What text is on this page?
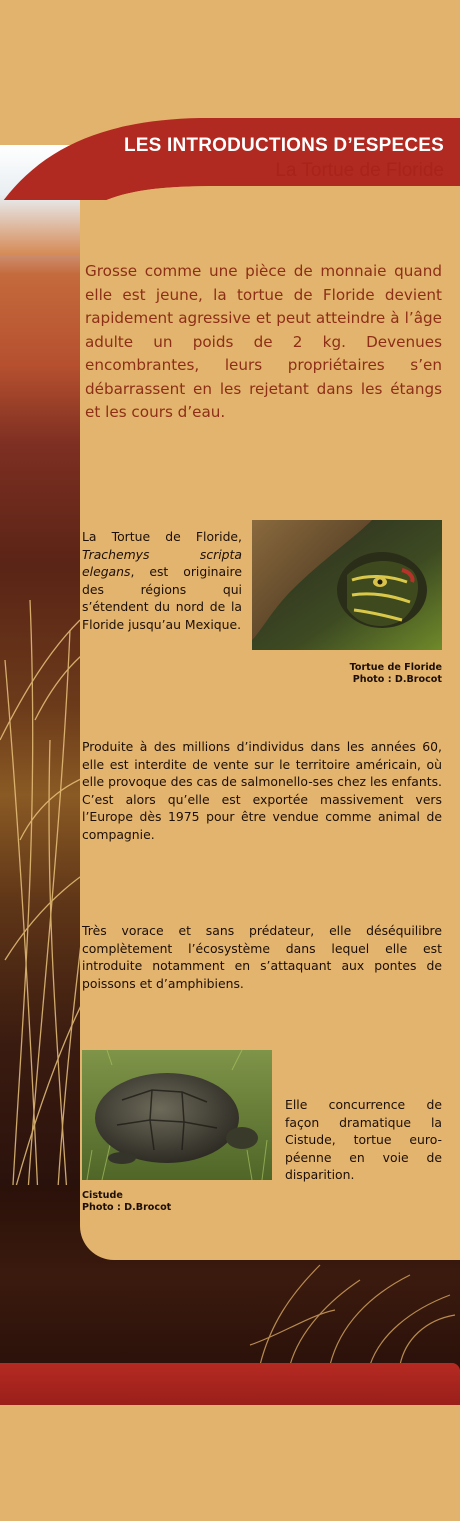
LES INTRODUCTIONS D’ESPECES
La Tortue de Floride

Grosse comme une pièce de monnaie quand elle est jeune, la tortue de Floride devient rapidement agressive et peut atteindre à l’âge adulte un poids de 2 kg. Devenues encombrantes, leurs propriétaires s’en débarrassent en les rejetant dans les étangs et les cours d’eau.

La Tortue de Floride, Trachemys scripta elegans, est originaire des régions qui s’étendent du nord de la Floride jusqu’au Mexique.

Tortue de Floride
Photo : D.Brocot

Produite à des millions d’individus dans les années 60, elle est interdite de vente sur le territoire américain, où elle provoque des cas de salmonello-ses chez les enfants. C’est alors qu’elle est exportée massivement vers l’Europe dès 1975 pour être vendue comme animal de compagnie.

Très vorace et sans prédateur, elle déséquilibre complètement l’écosystème dans lequel elle est introduite notamment en s’attaquant aux pontes de poissons et d’amphibiens.

Elle concurrence de façon dramatique la Cistude, tortue euro-péenne en voie de disparition.

Cistude
Photo : D.Brocot
